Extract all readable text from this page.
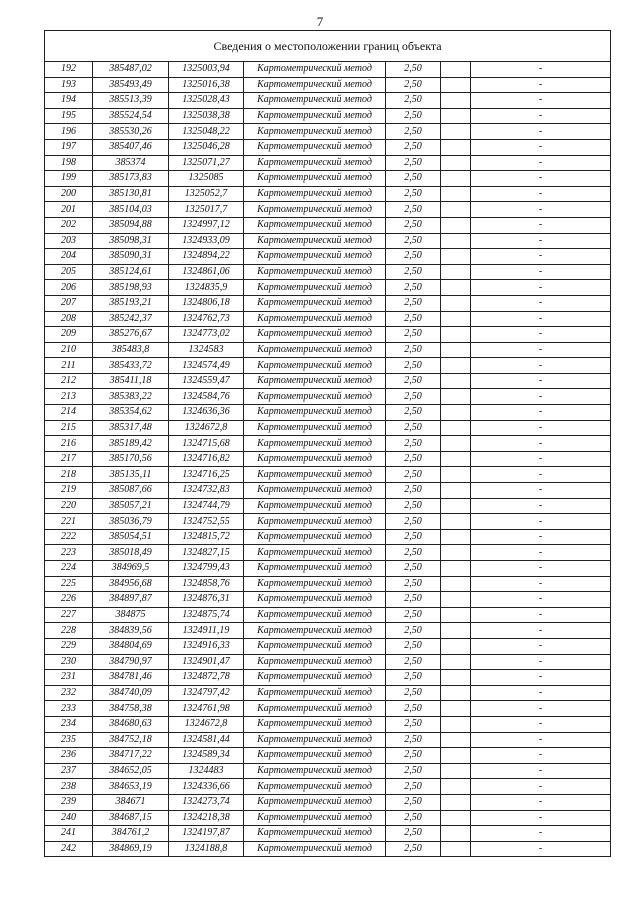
7
Сведения о местоположении границ объекта						
192	385487,02	1325003,94	Картометрический метод	2,50		-
193	385493,49	1325016,38	Картометрический метод	2,50		-
194	385513,39	1325028,43	Картометрический метод	2,50		-
195	385524,54	1325038,38	Картометрический метод	2,50		-
196	385530,26	1325048,22	Картометрический метод	2,50		-
197	385407,46	1325046,28	Картометрический метод	2,50		-
198	385374	1325071,27	Картометрический метод	2,50		-
199	385173,83	1325085	Картометрический метод	2,50		-
200	385130,81	1325052,7	Картометрический метод	2,50		-
201	385104,03	1325017,7	Картометрический метод	2,50		-
202	385094,88	1324997,12	Картометрический метод	2,50		-
203	385098,31	1324933,09	Картометрический метод	2,50		-
204	385090,31	1324894,22	Картометрический метод	2,50		-
205	385124,61	1324861,06	Картометрический метод	2,50		-
206	385198,93	1324835,9	Картометрический метод	2,50		-
207	385193,21	1324806,18	Картометрический метод	2,50		-
208	385242,37	1324762,73	Картометрический метод	2,50		-
209	385276,67	1324773,02	Картометрический метод	2,50		-
210	385483,8	1324583	Картометрический метод	2,50		-
211	385433,72	1324574,49	Картометрический метод	2,50		-
212	385411,18	1324559,47	Картометрический метод	2,50		-
213	385383,22	1324584,76	Картометрический метод	2,50		-
214	385354,62	1324636,36	Картометрический метод	2,50		-
215	385317,48	1324672,8	Картометрический метод	2,50		-
216	385189,42	1324715,68	Картометрический метод	2,50		-
217	385170,56	1324716,82	Картометрический метод	2,50		-
218	385135,11	1324716,25	Картометрический метод	2,50		-
219	385087,66	1324732,83	Картометрический метод	2,50		-
220	385057,21	1324744,79	Картометрический метод	2,50		-
221	385036,79	1324752,55	Картометрический метод	2,50		-
222	385054,51	1324815,72	Картометрический метод	2,50		-
223	385018,49	1324827,15	Картометрический метод	2,50		-
224	384969,5	1324799,43	Картометрический метод	2,50		-
225	384956,68	1324858,76	Картометрический метод	2,50		-
226	384897,87	1324876,31	Картометрический метод	2,50		-
227	384875	1324875,74	Картометрический метод	2,50		-
228	384839,56	1324911,19	Картометрический метод	2,50		-
229	384804,69	1324916,33	Картометрический метод	2,50		-
230	384790,97	1324901,47	Картометрический метод	2,50		-
231	384781,46	1324872,78	Картометрический метод	2,50		-
232	384740,09	1324797,42	Картометрический метод	2,50		-
233	384758,38	1324761,98	Картометрический метод	2,50		-
234	384680,63	1324672,8	Картометрический метод	2,50		-
235	384752,18	1324581,44	Картометрический метод	2,50		-
236	384717,22	1324589,34	Картометрический метод	2,50		-
237	384652,05	1324483	Картометрический метод	2,50		-
238	384653,19	1324336,66	Картометрический метод	2,50		-
239	384671	1324273,74	Картометрический метод	2,50		-
240	384687,15	1324218,38	Картометрический метод	2,50		-
241	384761,2	1324197,87	Картометрический метод	2,50		-
242	384869,19	1324188,8	Картометрический метод	2,50		-
